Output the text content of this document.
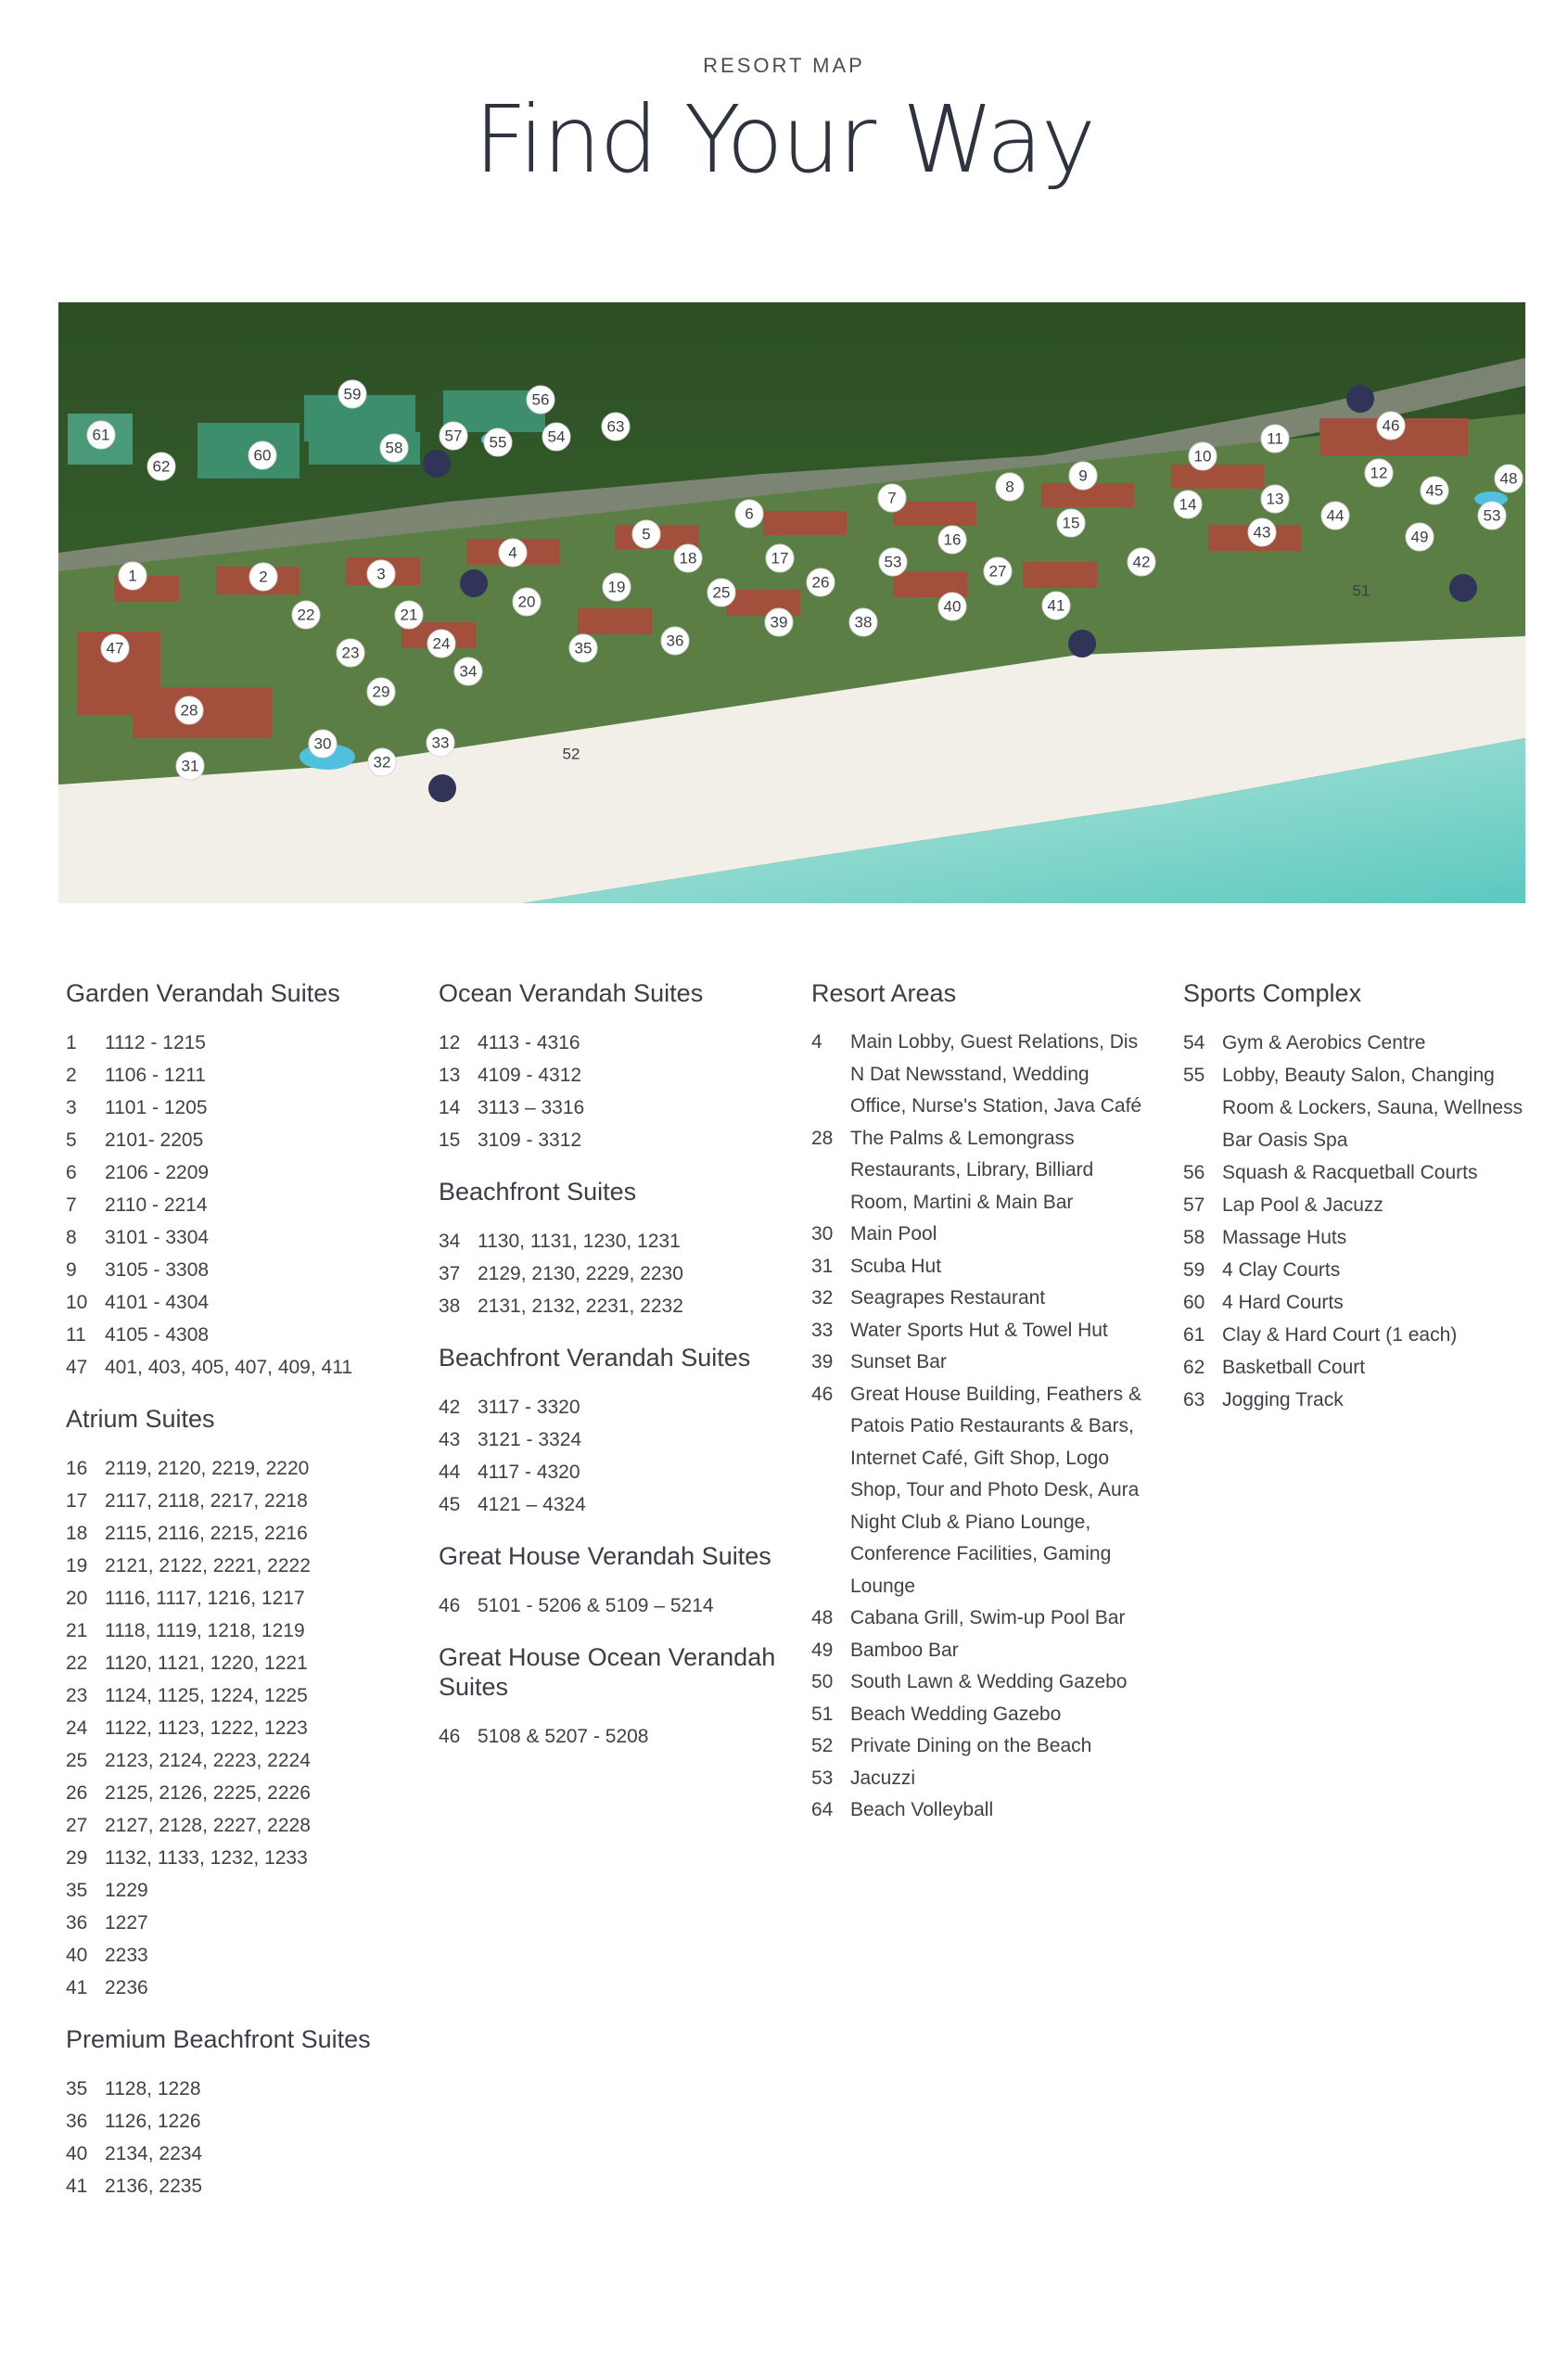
RESORT MAP
Find Your Way
1	2	3
4
5
6
7
8
9
10
11
12
13
14
15
16
17
18
19
20
21
22
23
24
25
26
27
28
29
30
31	32
33
34
35	36
38
39
40	41
42
43
44
45
46
47
48
49
51
52
53
53
54
55
56
57
58
59
60
61
62
63
Garden Verandah Suites
1	1112 - 1215
2	1106 - 1211
3	1101 - 1205
5	2101- 2205
6	2106 - 2209
7	2110 - 2214
8	3101 - 3304
9	3105 - 3308
10 4101 - 4304
11 4105 - 4308
47 401, 403, 405, 407, 409, 411
Atrium Suites
16 2119, 2120, 2219, 2220
17 2117, 2118, 2217, 2218
18 2115, 2116, 2215, 2216
19 2121, 2122, 2221, 2222
20 1116, 1117, 1216, 1217
21 1118, 1119, 1218, 1219
22 1120, 1121, 1220, 1221
23 1124, 1125, 1224, 1225
24 1122, 1123, 1222, 1223
25 2123, 2124, 2223, 2224
26 2125, 2126, 2225, 2226
27 2127, 2128, 2227, 2228
29 1132, 1133, 1232, 1233
35 1229
36 1227
40 2233
41 2236
Premium Beachfront Suites
35 1128, 1228
36 1126, 1226
40 2134, 2234
41 2136, 2235
Ocean Verandah Suites
12 4113 - 4316
13 4109 - 4312
14 3113 – 3316
15 3109 - 3312
Beachfront Suites
34 1130, 1131, 1230, 1231
37 2129, 2130, 2229, 2230
38 2131, 2132, 2231, 2232
Beachfront Verandah Suites
42 3117 - 3320
43 3121 - 3324
44 4117 - 4320
45 4121 – 4324
Great House Verandah Suites
46 5101 - 5206 & 5109 – 5214
Great House Ocean Verandah Suites
46 5108 & 5207 - 5208
Resort Areas
4	Main Lobby, Guest Relations, Dis N Dat Newsstand, Wedding Office, Nurse's Station, Java Café
28 The Palms & Lemongrass Restaurants, Library, Billiard Room, Martini & Main Bar
30 Main Pool
31 Scuba Hut
32 Seagrapes Restaurant
33 Water Sports Hut & Towel Hut
39 Sunset Bar
46 Great House Building, Feathers & Patois Patio Restaurants & Bars, Internet Café, Gift Shop, Logo Shop, Tour and Photo Desk, Aura Night Club & Piano Lounge, Conference Facilities, Gaming Lounge
48 Cabana Grill, Swim-up Pool Bar
49 Bamboo Bar
50 South Lawn & Wedding Gazebo
51 Beach Wedding Gazebo
52 Private Dining on the Beach
53 Jacuzzi
64 Beach Volleyball
Sports Complex
54 Gym & Aerobics Centre
55 Lobby, Beauty Salon, Changing Room & Lockers, Sauna, Wellness Bar Oasis Spa
56 Squash & Racquetball Courts
57 Lap Pool & Jacuzz
58 Massage Huts
59 4 Clay Courts
60 4 Hard Courts
61 Clay & Hard Court (1 each)
62 Basketball Court
63 Jogging Track
